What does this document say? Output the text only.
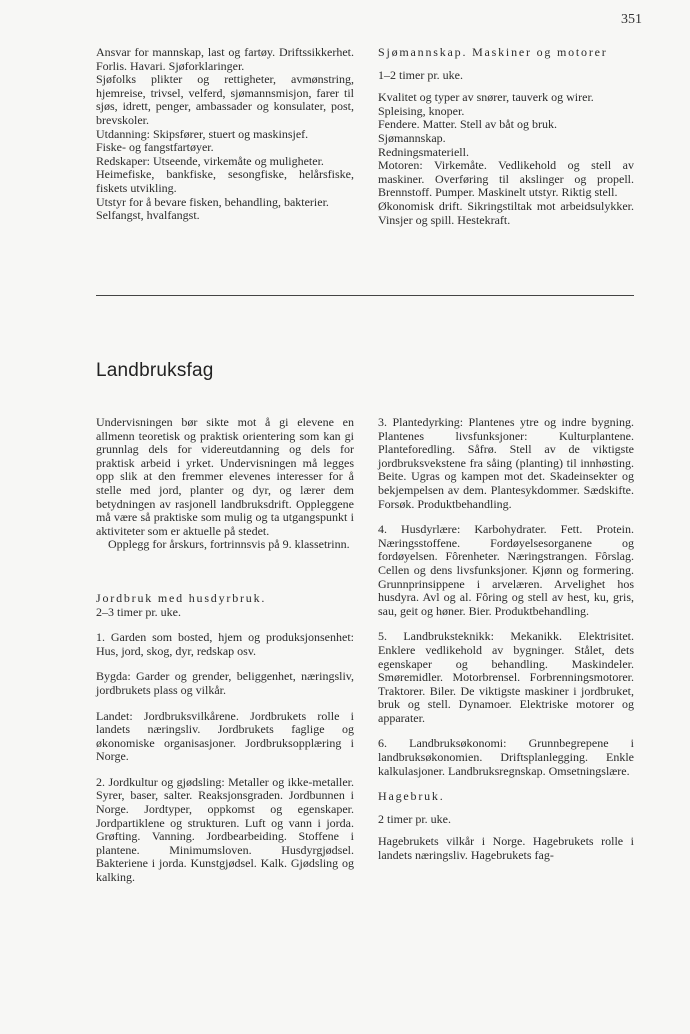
351

Ansvar for mannskap, last og fartøy. Driftssikkerhet. Forlis. Havari. Sjøforklaringer.

Sjøfolks plikter og rettigheter, avmønstring, hjemreise, trivsel, velferd, sjømannsmisjon, farer til sjøs, idrett, penger, ambassader og konsulater, post, brevskoler.

Utdanning: Skipsfører, stuert og maskinsjef.

Fiske- og fangstfartøyer.

Redskaper: Utseende, virkemåte og muligheter.

Heimefiske, bankfiske, sesongfiske, helårsfiske, fiskets utvikling.

Utstyr for å bevare fisken, behandling, bakterier.

Selfangst, hvalfangst.

Sjømannskap. Maskiner og motorer

1–2 timer pr. uke.

Kvalitet og typer av snører, tauverk og wirer.

Spleising, knoper.

Fendere. Matter. Stell av båt og bruk.

Sjømannskap.

Redningsmateriell.

Motoren: Virkemåte. Vedlikehold og stell av maskiner. Overføring til akslinger og propell. Brennstoff. Pumper. Maskinelt utstyr. Riktig stell.

Økonomisk drift. Sikringstiltak mot arbeidsulykker. Vinsjer og spill. Hestekraft.

Landbruksfag

Undervisningen bør sikte mot å gi elevene en allmenn teoretisk og praktisk orientering som kan gi grunnlag dels for videreutdanning og dels for praktisk arbeid i yrket. Undervisningen må legges opp slik at den fremmer elevenes interesser for å stelle med jord, planter og dyr, og lærer dem betydningen av rasjonell landbruksdrift. Oppleggene må være så praktiske som mulig og ta utgangspunkt i aktiviteter som er aktuelle på stedet.

Opplegg for årskurs, fortrinnsvis på 9. klassetrinn.

Jordbruk med husdyrbruk.

2–3 timer pr. uke.

1. Garden som bosted, hjem og produksjonsenhet: Hus, jord, skog, dyr, redskap osv.

Bygda: Garder og grender, beliggenhet, næringsliv, jordbrukets plass og vilkår.

Landet: Jordbruksvilkårene. Jordbrukets rolle i landets næringsliv. Jordbrukets faglige og økonomiske organisasjoner. Jordbruksopplæring i Norge.

2. Jordkultur og gjødsling: Metaller og ikke-metaller. Syrer, baser, salter. Reaksjonsgraden. Jordbunnen i Norge. Jordtyper, oppkomst og egenskaper. Jordpartiklene og strukturen. Luft og vann i jorda. Grøfting. Vanning. Jordbearbeiding. Stoffene i plantene. Minimumsloven. Husdyrgjødsel. Bakteriene i jorda. Kunstgjødsel. Kalk. Gjødsling og kalking.

3. Plantedyrking: Plantenes ytre og indre bygning. Plantenes livsfunksjoner: Kulturplantene. Planteforedling. Såfrø. Stell av de viktigste jordbruksvekstene fra såing (planting) til innhøsting. Beite. Ugras og kampen mot det. Skadeinsekter og bekjempelsen av dem. Plantesykdommer. Sædskifte. Forsøk. Produktbehandling.

4. Husdyrlære: Karbohydrater. Fett. Protein. Næringsstoffene. Fordøyelsesorganene og fordøyelsen. Fôrenheter. Næringstrangen. Fôrslag. Cellen og dens livsfunksjoner. Kjønn og formering. Grunnprinsippene i arvelæren. Arvelighet hos husdyra. Avl og al. Fôring og stell av hest, ku, gris, sau, geit og høner. Bier. Produktbehandling.

5. Landbruksteknikk: Mekanikk. Elektrisitet. Enklere vedlikehold av bygninger. Stålet, dets egenskaper og behandling. Maskindeler. Smøremidler. Motorbrensel. Forbrenningsmotorer. Traktorer. Biler. De viktigste maskiner i jordbruket, bruk og stell. Dynamoer. Elektriske motorer og apparater.

6. Landbruksøkonomi: Grunnbegrepene i landbruksøkonomien. Driftsplanlegging. Enkle kalkulasjoner. Landbruksregnskap. Omsetningslære.

Hagebruk.

2 timer pr. uke.

Hagebrukets vilkår i Norge. Hagebrukets rolle i landets næringsliv. Hagebrukets fag-
